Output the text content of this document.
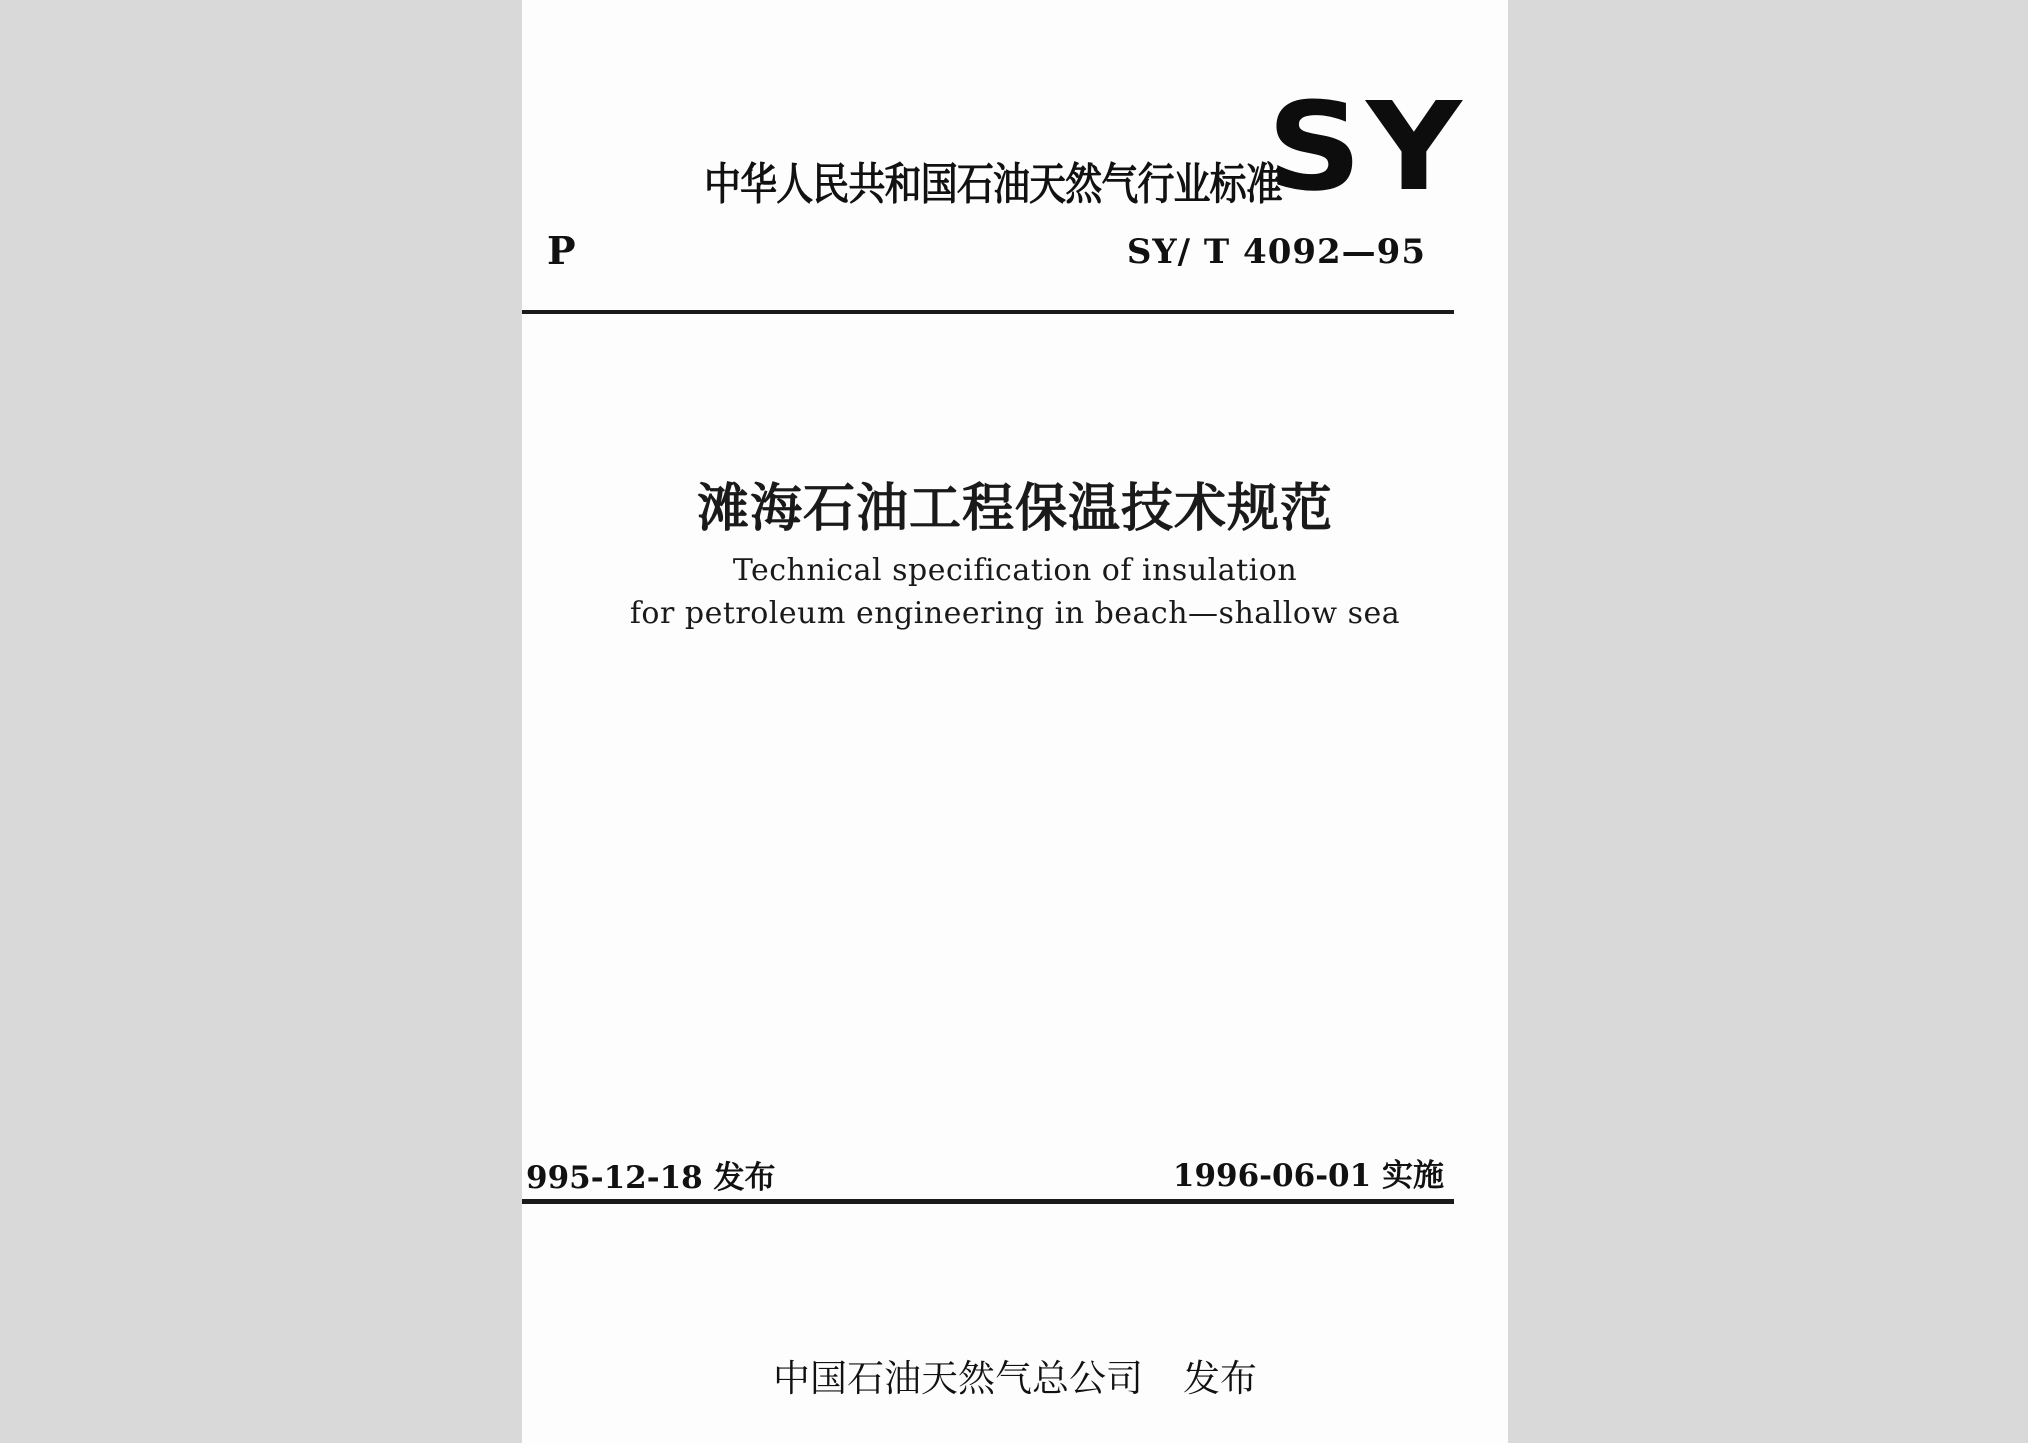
中华人民共和国石油天然气行业标准
SY
P	SY/ T 4092—95
滩海石油工程保温技术规范
Technical specification of insulation
for petroleum engineering in beach—shallow sea
995-12-18 发布	1996-06-01 实施
中国石油天然气总公司 发布
